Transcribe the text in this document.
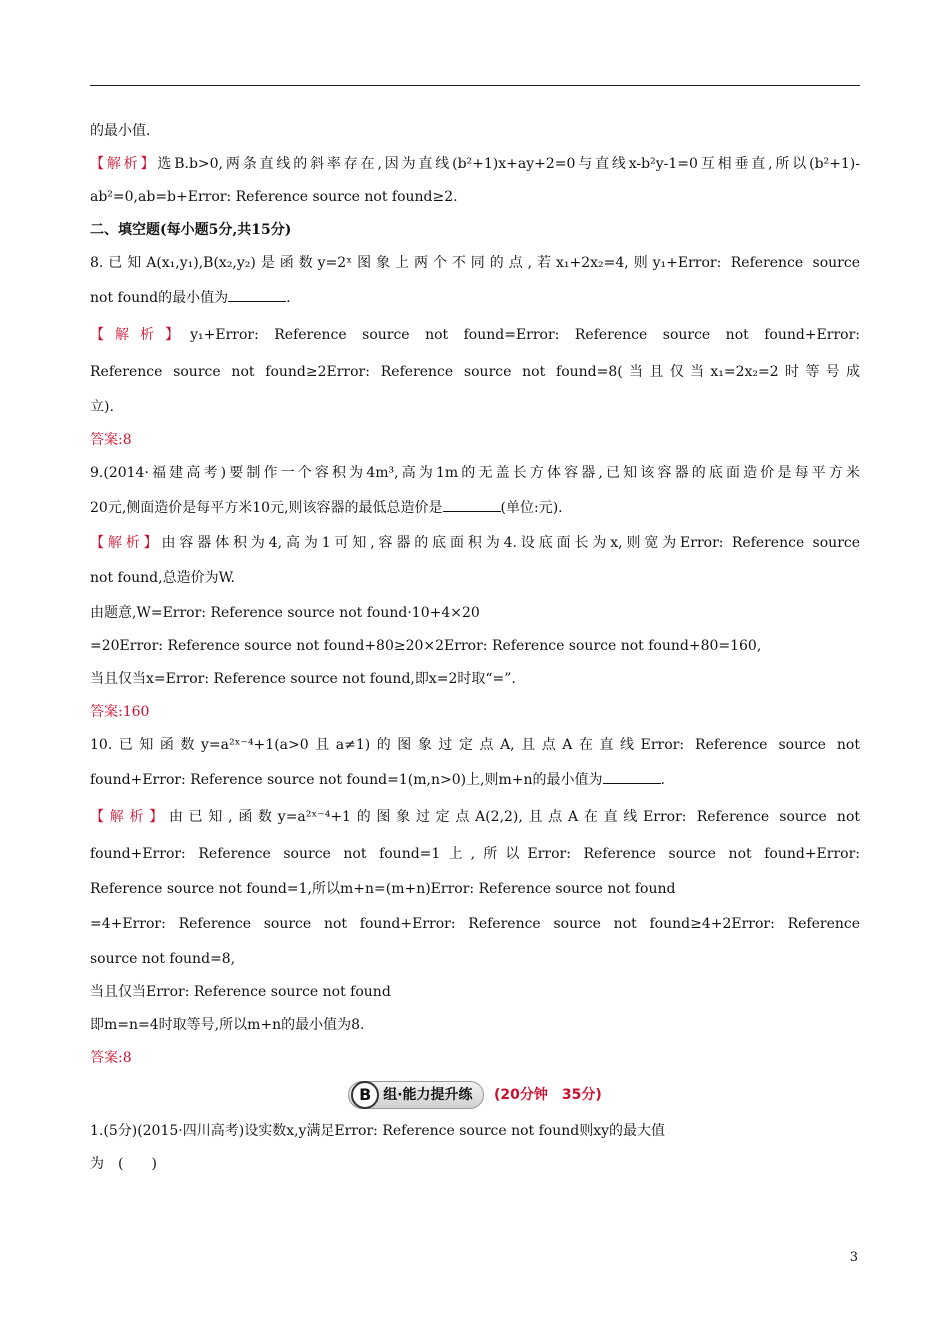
的最小值.
【解析】选B.b>0,两条直线的斜率存在,因为直线(b²+1)x+ay+2=0与直线x-b²y-1=0互相垂直,所以(b²+1)-
ab²=0,ab=b+Error: Reference source not found≥2.
二、填空题(每小题5分,共15分)
8.已知A(x₁,y₁),B(x₂,y₂)是函数y=2ˣ图象上两个不同的点,若x₁+2x₂=4,则y₁+Error: Reference source
not found的最小值为	.
【解析】y₁+Error: Reference source not found=Error: Reference source not found+Error:
Reference source not found≥2Error: Reference source not found=8(当且仅当x₁=2x₂=2时等号成
立).
答案:8
9.(2014·福建高考)要制作一个容积为4m³,高为1m的无盖长方体容器,已知该容器的底面造价是每平方米
20元,侧面造价是每平方米10元,则该容器的最低总造价是	(单位:元).
【解析】由容器体积为4,高为1可知,容器的底面积为4.设底面长为x,则宽为Error: Reference source
not found,总造价为W.
由题意,W=Error: Reference source not found·10+4×20
=20Error: Reference source not found+80≥20×2Error: Reference source not found+80=160,
当且仅当x=Error: Reference source not found,即x=2时取“=”.
答案:160
10.已知函数y=a²ˣ⁻⁴+1(a>0且a≠1)的图象过定点A,且点A在直线Error: Reference source not
found+Error: Reference source not found=1(m,n>0)上,则m+n的最小值为	.
【解析】由已知,函数y=a²ˣ⁻⁴+1的图象过定点A(2,2),且点A在直线Error: Reference source not
found+Error: Reference source not found=1上,所以Error: Reference source not found+Error:
Reference source not found=1,所以m+n=(m+n)Error: Reference source not found
=4+Error: Reference source not found+Error: Reference source not found≥4+2Error: Reference
source not found=8,
当且仅当Error: Reference source not found
即m=n=4时取等号,所以m+n的最小值为8.
答案:8
B 组·能力提升练 (20分钟　35分)
1.(5分)(2015·四川高考)设实数x,y满足Error: Reference source not found则xy的最大值
为　(　　)
3
